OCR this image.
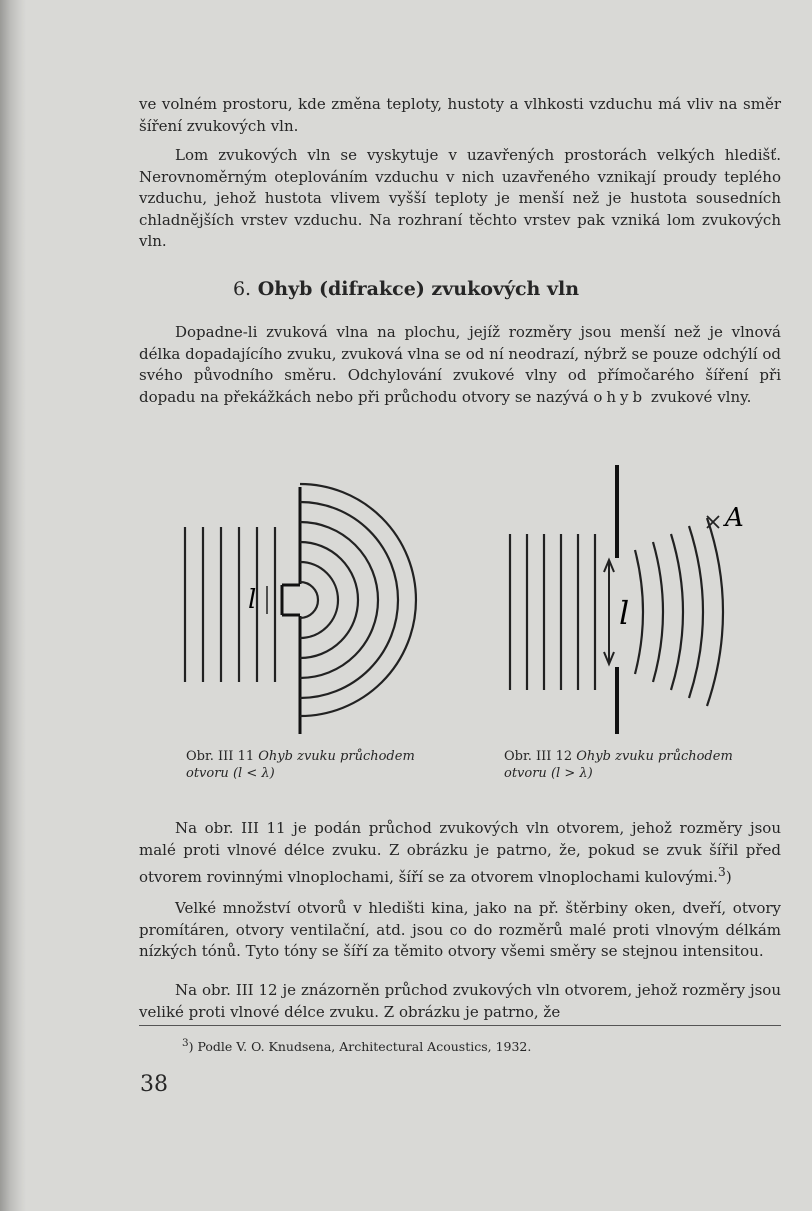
ve volném prostoru, kde změna teploty, hustoty a vlhkosti vzduchu má vliv na směr šíření zvukových vln.

Lom zvukových vln se vyskytuje v uzavřených prostorách velkých hledišť. Nerovnoměrným oteplováním vzduchu v nich uzavřeného vznikají proudy teplého vzduchu, jehož hustota vlivem vyšší teploty je menší než je hustota sousedních chladnějších vrstev vzduchu. Na rozhraní těchto vrstev pak vzniká lom zvukových vln.

6. Ohyb (difrakce) zvukových vln

Dopadne-li zvuková vlna na plochu, jejíž rozměry jsou menší než je vlnová délka dopadajícího zvuku, zvuková vlna se od ní neodrazí, nýbrž se pouze odchýlí od svého původního směru. Odchylování zvukové vlny od přímočarého šíření při dopadu na překážkách nebo při průchodu otvory se nazývá ohyb zvukové vlny.

l

Obr. III 11 Ohyb zvuku průchodem otvoru (l < λ)

l
A

Obr. III 12 Ohyb zvuku průchodem otvoru (l > λ)

Na obr. III 11 je podán průchod zvukových vln otvorem, jehož rozměry jsou malé proti vlnové délce zvuku. Z obrázku je patrno, že, pokud se zvuk šířil před otvorem rovinnými vlnoplochami, šíří se za otvorem vlnoplochami kulovými.$^3$)

Velké množství otvorů v hledišti kina, jako na př. štěrbiny oken, dveří, otvory promítáren, otvory ventilační, atd. jsou co do rozměrů malé proti vlnovým délkám nízkých tónů. Tyto tóny se šíří za těmito otvory všemi směry se stejnou intensitou.

Na obr. III 12 je znázorněn průchod zvukových vln otvorem, jehož rozměry jsou veliké proti vlnové délce zvuku. Z obrázku je patrno, že

$^3$) Podle V. O. Knudsena, Architectural Acoustics, 1932.

38
